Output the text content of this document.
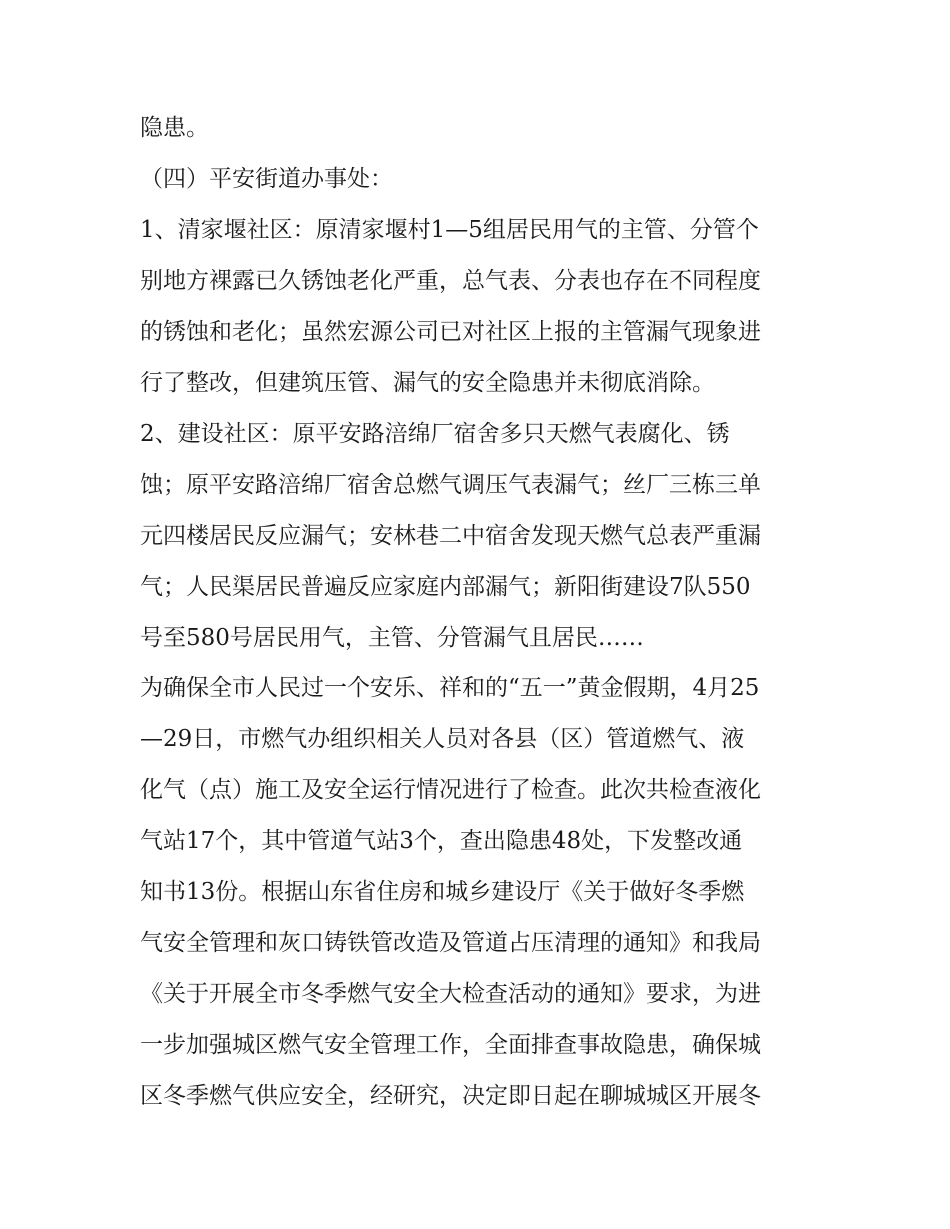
隐患。
（四）平安街道办事处：
1、清家堰社区：原清家堰村1—5组居民用气的主管、分管个
别地方裸露已久锈蚀老化严重，总气表、分表也存在不同程度
的锈蚀和老化；虽然宏源公司已对社区上报的主管漏气现象进
行了整改，但建筑压管、漏气的安全隐患并未彻底消除。
2、建设社区：原平安路涪绵厂宿舍多只天燃气表腐化、锈
蚀；原平安路涪绵厂宿舍总燃气调压气表漏气；丝厂三栋三单
元四楼居民反应漏气；安林巷二中宿舍发现天燃气总表严重漏
气；人民渠居民普遍反应家庭内部漏气；新阳街建设7队550
号至580号居民用气，主管、分管漏气且居民……
为确保全市人民过一个安乐、祥和的“五一”黄金假期，4月25
—29日，市燃气办组织相关人员对各县（区）管道燃气、液
化气（点）施工及安全运行情况进行了检查。此次共检查液化
气站17个，其中管道气站3个，查出隐患48处，下发整改通
知书13份。根据山东省住房和城乡建设厅《关于做好冬季燃
气安全管理和灰口铸铁管改造及管道占压清理的通知》和我局
《关于开展全市冬季燃气安全大检查活动的通知》要求，为进
一步加强城区燃气安全管理工作，全面排查事故隐患，确保城
区冬季燃气供应安全，经研究，决定即日起在聊城城区开展冬
